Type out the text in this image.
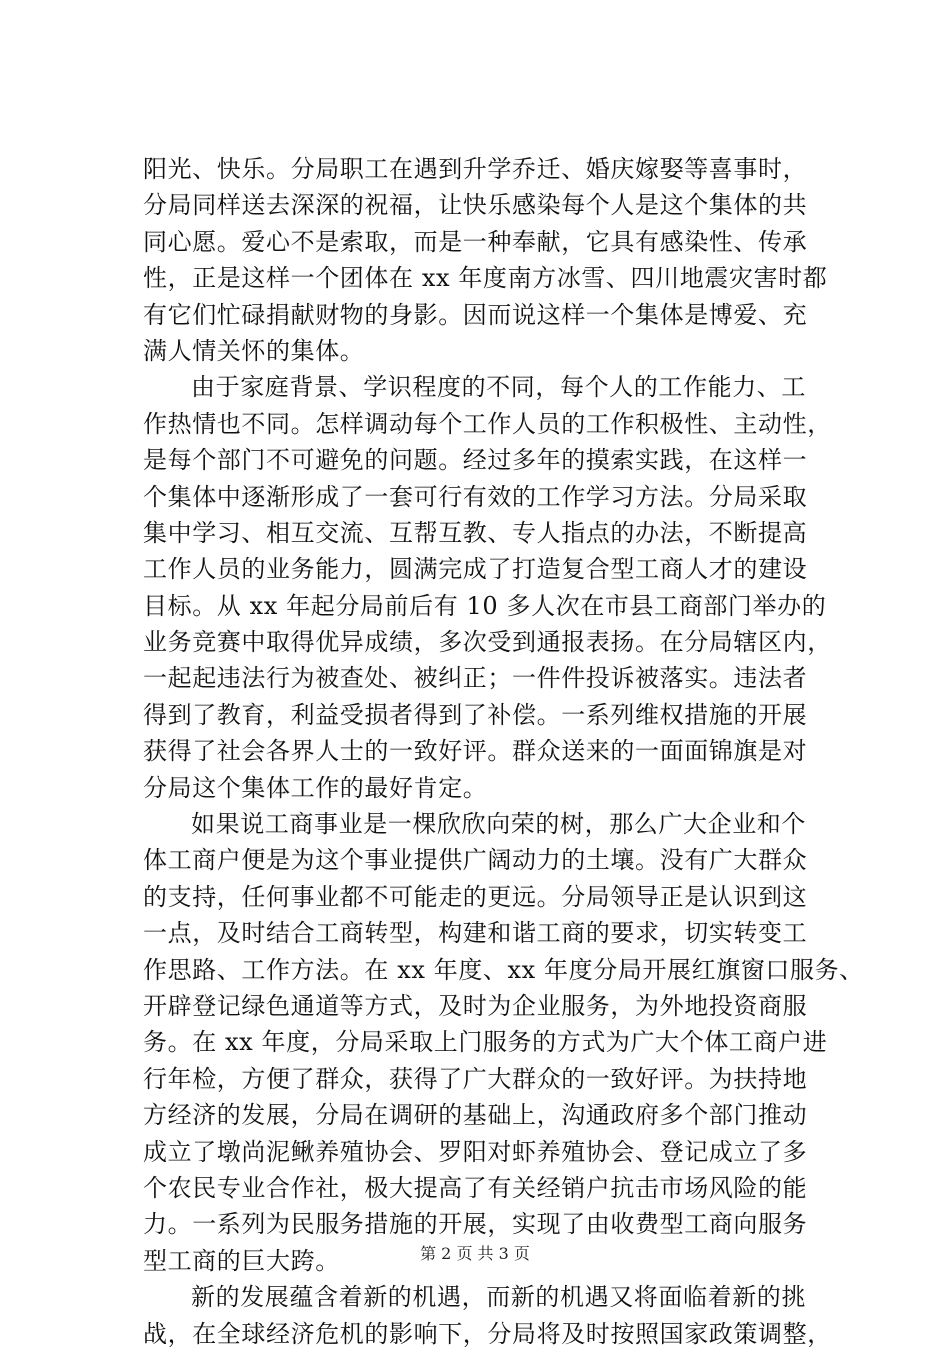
阳光、快乐。分局职工在遇到升学乔迁、婚庆嫁娶等喜事时，
分局同样送去深深的祝福，让快乐感染每个人是这个集体的共
同心愿。爱心不是索取，而是一种奉献，它具有感染性、传承
性，正是这样一个团体在 xx 年度南方冰雪、四川地震灾害时都
有它们忙碌捐献财物的身影。因而说这样一个集体是博爱、充
满人情关怀的集体。
由于家庭背景、学识程度的不同，每个人的工作能力、工
作热情也不同。怎样调动每个工作人员的工作积极性、主动性，
是每个部门不可避免的问题。经过多年的摸索实践，在这样一
个集体中逐渐形成了一套可行有效的工作学习方法。分局采取
集中学习、相互交流、互帮互教、专人指点的办法，不断提高
工作人员的业务能力，圆满完成了打造复合型工商人才的建设
目标。从 xx 年起分局前后有 10 多人次在市县工商部门举办的
业务竞赛中取得优异成绩，多次受到通报表扬。在分局辖区内，
一起起违法行为被查处、被纠正；一件件投诉被落实。违法者
得到了教育，利益受损者得到了补偿。一系列维权措施的开展
获得了社会各界人士的一致好评。群众送来的一面面锦旗是对
分局这个集体工作的最好肯定。
如果说工商事业是一棵欣欣向荣的树，那么广大企业和个
体工商户便是为这个事业提供广阔动力的土壤。没有广大群众
的支持，任何事业都不可能走的更远。分局领导正是认识到这
一点，及时结合工商转型，构建和谐工商的要求，切实转变工
作思路、工作方法。在 xx 年度、xx 年度分局开展红旗窗口服务、
开辟登记绿色通道等方式，及时为企业服务，为外地投资商服
务。在 xx 年度，分局采取上门服务的方式为广大个体工商户进
行年检，方便了群众，获得了广大群众的一致好评。为扶持地
方经济的发展，分局在调研的基础上，沟通政府多个部门推动
成立了墩尚泥鳅养殖协会、罗阳对虾养殖协会、登记成立了多
个农民专业合作社，极大提高了有关经销户抗击市场风险的能
力。一系列为民服务措施的开展，实现了由收费型工商向服务
型工商的巨大跨。
新的发展蕴含着新的机遇，而新的机遇又将面临着新的挑
战，在全球经济危机的影响下，分局将及时按照国家政策调整，
第 2 页 共 3 页
